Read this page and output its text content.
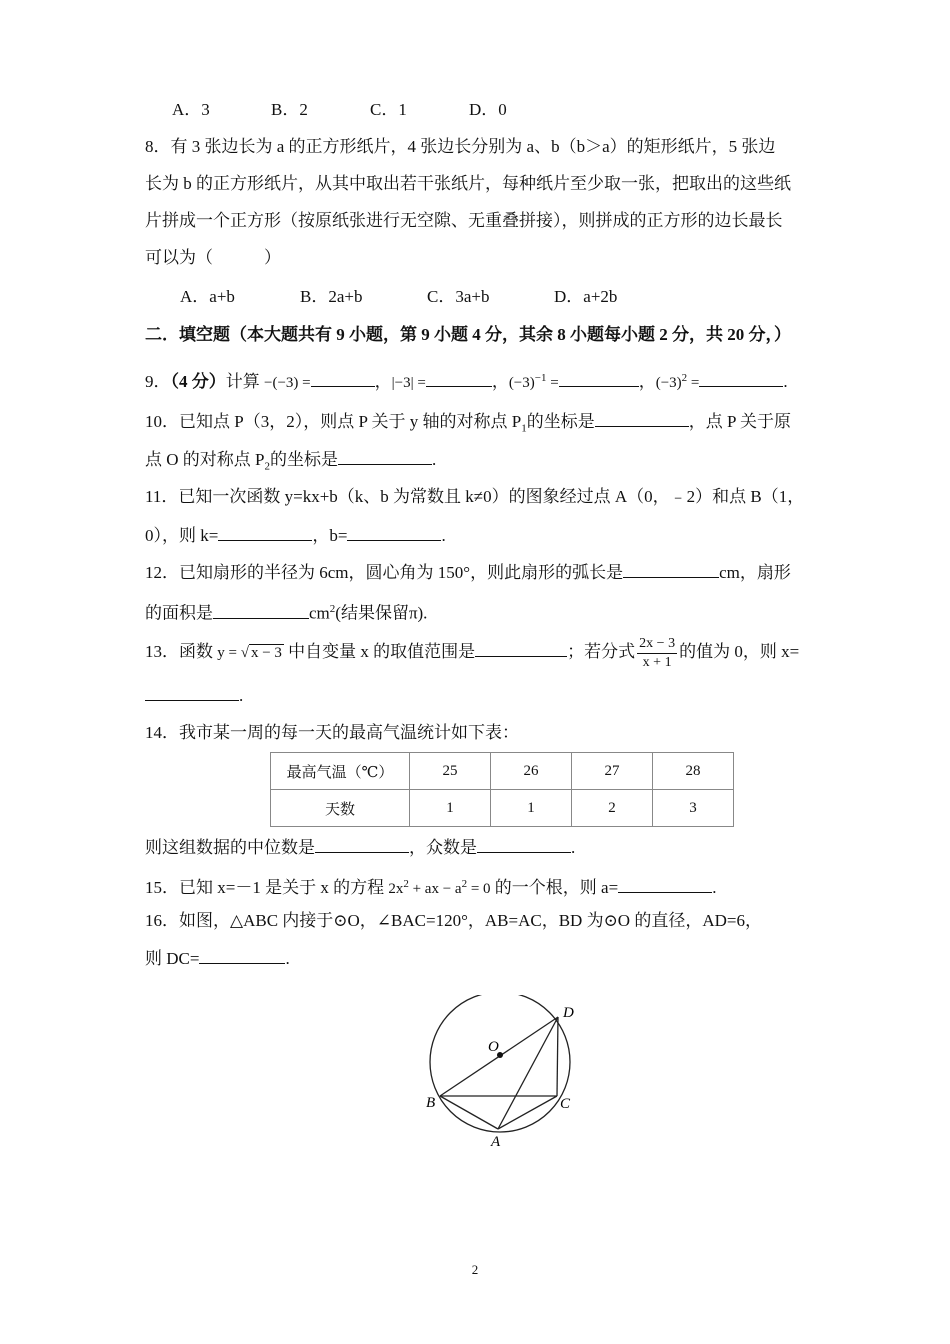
A．3	B．2	C．1	D．0
8．有 3 张边长为 a 的正方形纸片，4 张边长分别为 a、b（b＞a）的矩形纸片，5 张边
长为 b 的正方形纸片，从其中取出若干张纸片，每种纸片至少取一张，把取出的这些纸
片拼成一个正方形（按原纸张进行无空隙、无重叠拼接），则拼成的正方形的边长最长
可以为（　　　）
A．a+b	B．2a+b	C．3a+b	D．a+2b
二．填空题（本大题共有 9 小题，第 9 小题 4 分，其余 8 小题每小题 2 分，共 20 分，）
9．（4 分）计算 −(−3) =	，|−3| =	，$(-3)^{-1}$ =	，$(-3)^2$ =	.
10．已知点 P（3，2），则点 P 关于 y 轴的对称点 $P_1$的坐标是	，点 P 关于原
点 O 的对称点 $P_2$的坐标是	.
11．已知一次函数 y=kx+b（k、b 为常数且 k≠0）的图象经过点 A（0，﹣2）和点 B（1，
0），则 k=	，b=	.
12．已知扇形的半径为 6cm，圆心角为 150°，则此扇形的弧长是	cm，扇形
的面积是	$cm^2$(结果保留π).
13．函数 y = √ x − 3 中自变量 x 的取值范围是	；若分式 $\frac{2x - 3}{x + 1}$ 的值为 0，则 x=
.
14．我市某一周的每一天的最高气温统计如下表：
最高气温（℃）	25	26	27	28
天数	1	1	2	3
则这组数据的中位数是	，众数是	.
15．已知 x=－1 是关于 x 的方程 $2x^2$ + ax − $a^2 = 0$ 的一个根，则 a=	.
16．如图，△ABC 内接于⊙O，∠BAC=120°，AB=AC，BD 为⊙O 的直径，AD=6，
则 DC=	.
O
D
B	C
A
2
